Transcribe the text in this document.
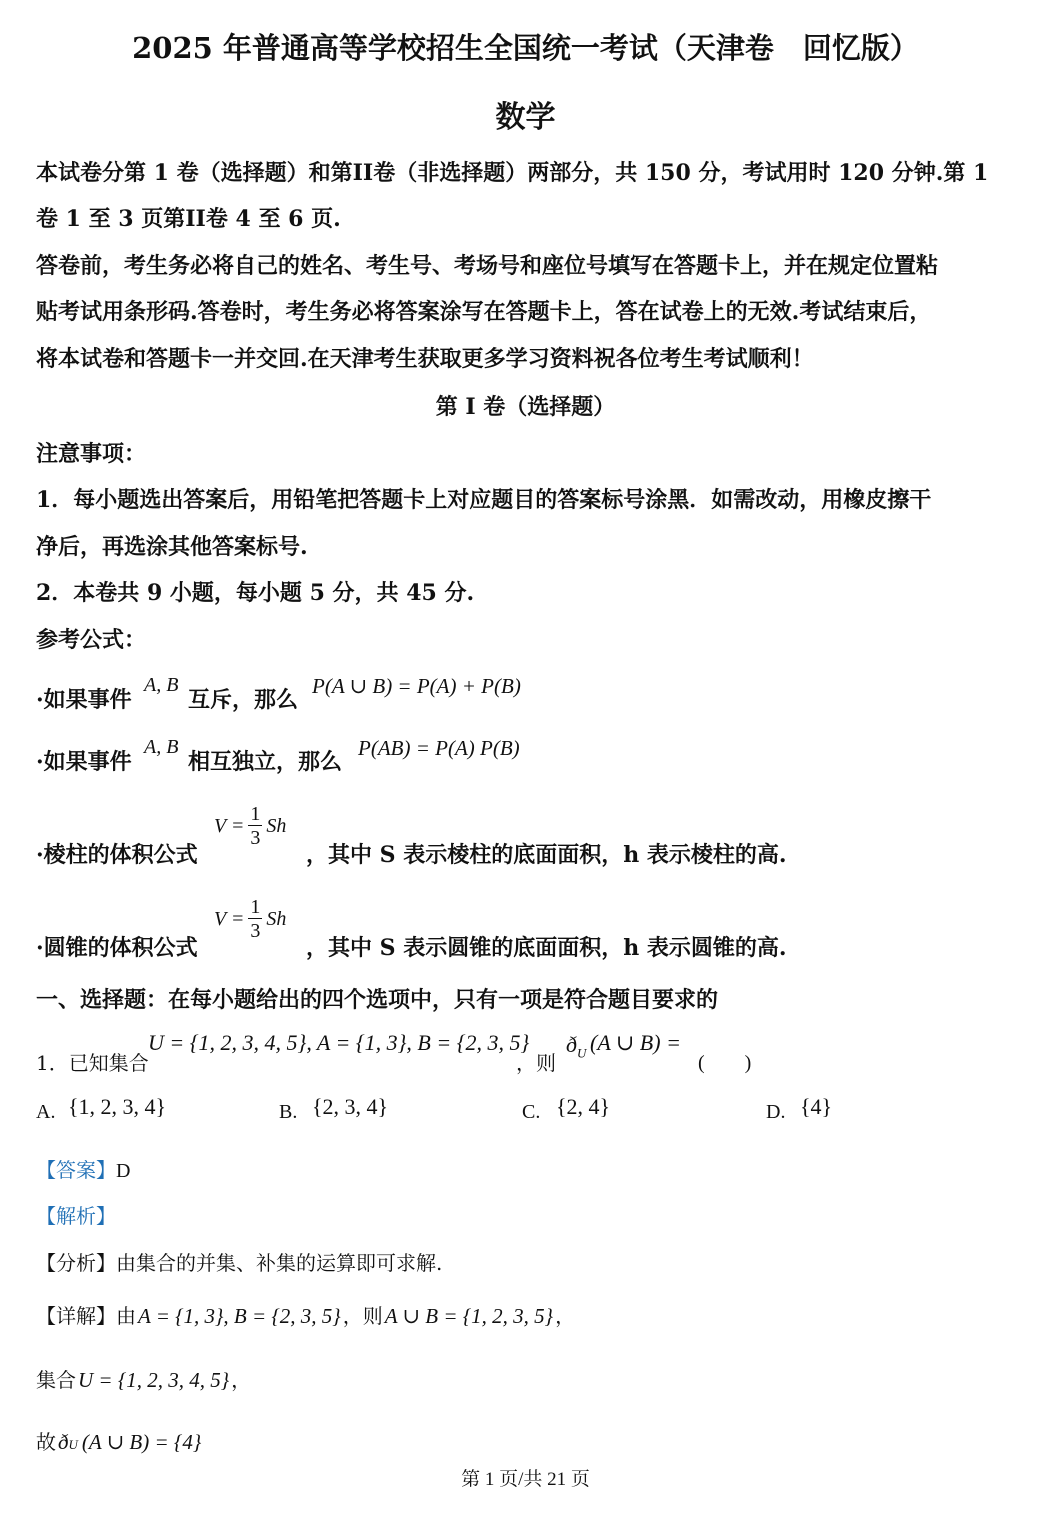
2025 年普通高等学校招生全国统一考试（天津卷　回忆版）
数学
本试卷分第 1 卷（选择题）和第II卷（非选择题）两部分，共 150 分，考试用时 120 分钟.第 1
卷 1 至 3 页第II卷 4 至 6 页.
答卷前，考生务必将自己的姓名、考生号、考场号和座位号填写在答题卡上，并在规定位置粘
贴考试用条形码.答卷时，考生务必将答案涂写在答题卡上，答在试卷上的无效.考试结束后，
将本试卷和答题卡一并交回.在天津考生获取更多学习资料祝各位考生考试顺利！
第 I 卷（选择题）
注意事项：
1．每小题选出答案后，用铅笔把答题卡上对应题目的答案标号涂黑．如需改动，用橡皮擦干
净后，再选涂其他答案标号.
2．本卷共 9 小题，每小题 5 分，共 45 分.
参考公式：
·如果事件
A, B
互斥，那么
P(A ∪ B) = P(A) + P(B)
·如果事件
A, B
相互独立，那么
P(AB) = P(A) P(B)
·棱柱的体积公式
$V = \frac{1}{3}$ Sh
，其中 S 表示棱柱的底面面积，h 表示棱柱的高.
·圆锥的体积公式
$V = \frac{1}{3}$ Sh
，其中 S 表示圆锥的底面面积，h 表示圆锥的高.
一、选择题：在每小题给出的四个选项中，只有一项是符合题目要求的
1．已知集合
U = {1, 2, 3, 4, 5}, A = {1, 3}, B = {2, 3, 5}
，则
$ð_U$ (A ∪ B) =
(　　)
A. {1, 2, 3, 4}	B. {2, 3, 4}	C. {2, 4}	D. {4}
【答案】D
【解析】
【分析】由集合的并集、补集的运算即可求解.
【详解】 由 A = {1, 3}, B = {2, 3, 5} ，则 A ∪ B = {1, 2, 3, 5} ，
集合 U = {1, 2, 3, 4, 5} ，
故 ð U (A ∪ B) = {4}
第 1 页/共 21 页
